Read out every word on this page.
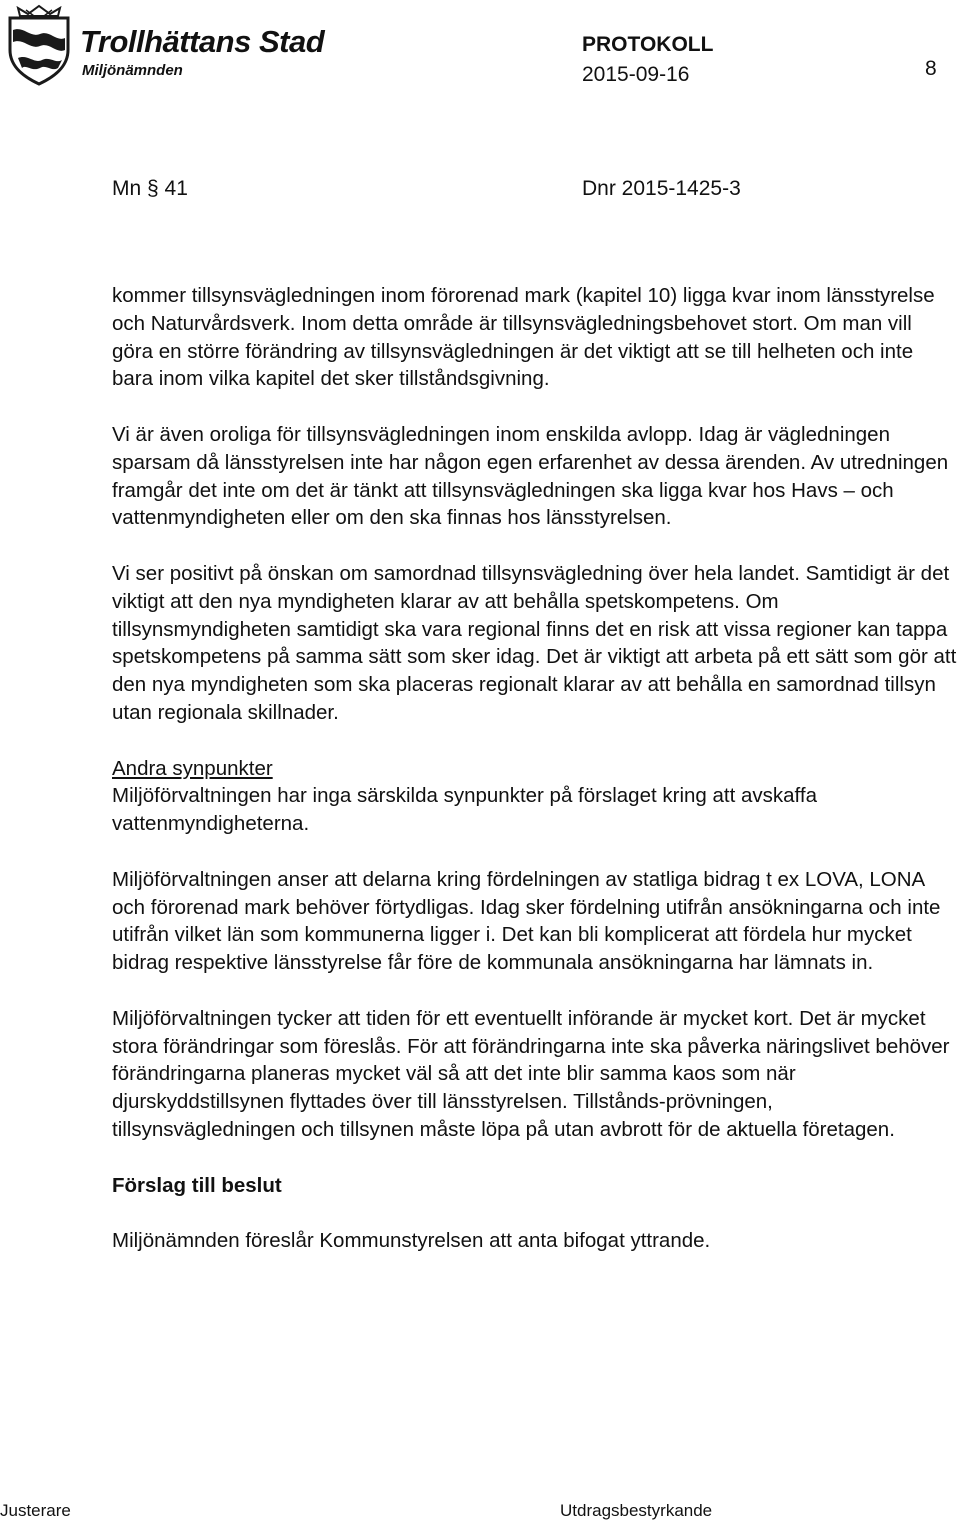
Trollhättans Stad
Miljönämnden
PROTOKOLL
2015-09-16	8
Mn § 41	Dnr 2015-1425-3

kommer tillsynsvägledningen inom förorenad mark (kapitel 10) ligga kvar inom länsstyrelse och Naturvårdsverk. Inom detta område är tillsynsvägledningsbehovet stort. Om man vill göra en större förändring av tillsynsvägledningen är det viktigt att se till helheten och inte bara inom vilka kapitel det sker tillståndsgivning.

Vi är även oroliga för tillsynsvägledningen inom enskilda avlopp. Idag är vägledningen sparsam då länsstyrelsen inte har någon egen erfarenhet av dessa ärenden. Av utredningen framgår det inte om det är tänkt att tillsynsvägledningen ska ligga kvar hos Havs – och vattenmyndigheten eller om den ska finnas hos länsstyrelsen.

Vi ser positivt på önskan om samordnad tillsynsvägledning över hela landet. Samtidigt är det viktigt att den nya myndigheten klarar av att behålla spetskompetens. Om tillsynsmyndigheten samtidigt ska vara regional finns det en risk att vissa regioner kan tappa spetskompetens på samma sätt som sker idag. Det är viktigt att arbeta på ett sätt som gör att den nya myndigheten som ska placeras regionalt klarar av att behålla en samordnad tillsyn utan regionala skillnader.

Andra synpunkter

Miljöförvaltningen har inga särskilda synpunkter på förslaget kring att avskaffa vattenmyndigheterna.

Miljöförvaltningen anser att delarna kring fördelningen av statliga bidrag t ex LOVA, LONA och förorenad mark behöver förtydligas. Idag sker fördelning utifrån ansökningarna och inte utifrån vilket län som kommunerna ligger i. Det kan bli komplicerat att fördela hur mycket bidrag respektive länsstyrelse får före de kommunala ansökningarna har lämnats in.

Miljöförvaltningen tycker att tiden för ett eventuellt införande är mycket kort. Det är mycket stora förändringar som föreslås. För att förändringarna inte ska påverka näringslivet behöver förändringarna planeras mycket väl så att det inte blir samma kaos som när djurskyddstillsynen flyttades över till länsstyrelsen. Tillstånds-prövningen, tillsynsvägledningen och tillsynen måste löpa på utan avbrott för de aktuella företagen.

Förslag till beslut

Miljönämnden föreslår Kommunstyrelsen att anta bifogat yttrande.

Justerare	Utdragsbestyrkande
